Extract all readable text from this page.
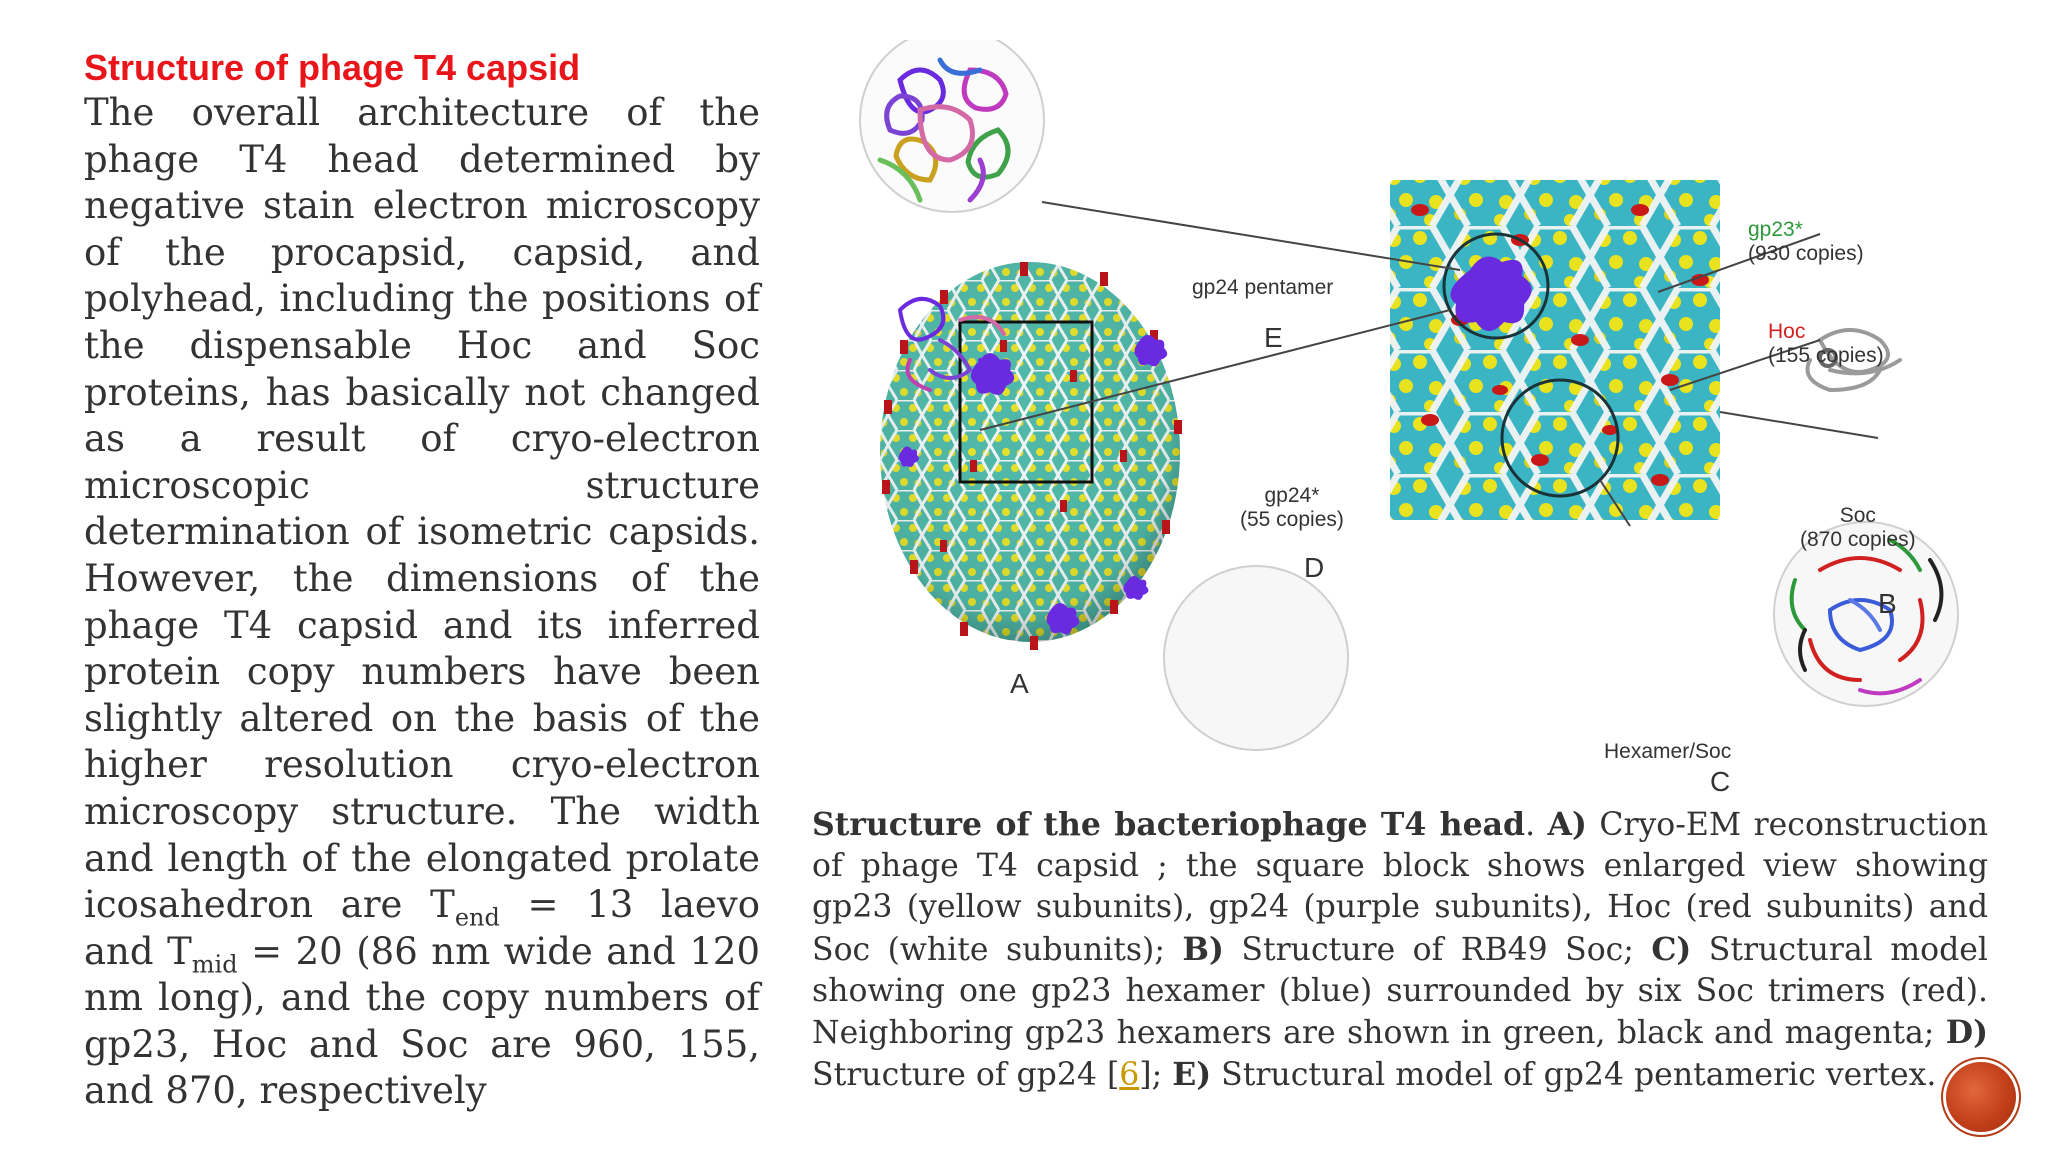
Structure of phage T4 capsid

The overall architecture of the phage T4 head determined by negative stain electron microscopy of the procapsid, capsid, and polyhead, including the positions of the dispensable Hoc and Soc proteins, has basically not changed as a result of cryo-electron microscopic structure determination of isometric capsids. However, the dimensions of the phage T4 capsid and its inferred protein copy numbers have been slightly altered on the basis of the higher resolution cryo-electron microscopy structure. The width and length of the elongated prolate icosahedron are $T_{end} = 13$ laevo and $T_{mid} = 20$ (86 nm wide and 120 nm long), and the copy numbers of gp23, Hoc and Soc are 960, 155, and 870, respectively

A
B
C
D
E
gp24 pentamer
gp23*
(930 copies)
Hoc
(155 copies)
gp24*
(55 copies)	Soc
(870 copies)
Hexamer/Soc

Structure of the bacteriophage T4 head. A) Cryo-EM reconstruction of phage T4 capsid ; the square block shows enlarged view showing gp23 (yellow subunits), gp24 (purple subunits), Hoc (red subunits) and Soc (white subunits); B) Structure of RB49 Soc; C) Structural model showing one gp23 hexamer (blue) surrounded by six Soc trimers (red). Neighboring gp23 hexamers are shown in green, black and magenta; D) Structure of gp24 [6]; E) Structural model of gp24 pentameric vertex.
